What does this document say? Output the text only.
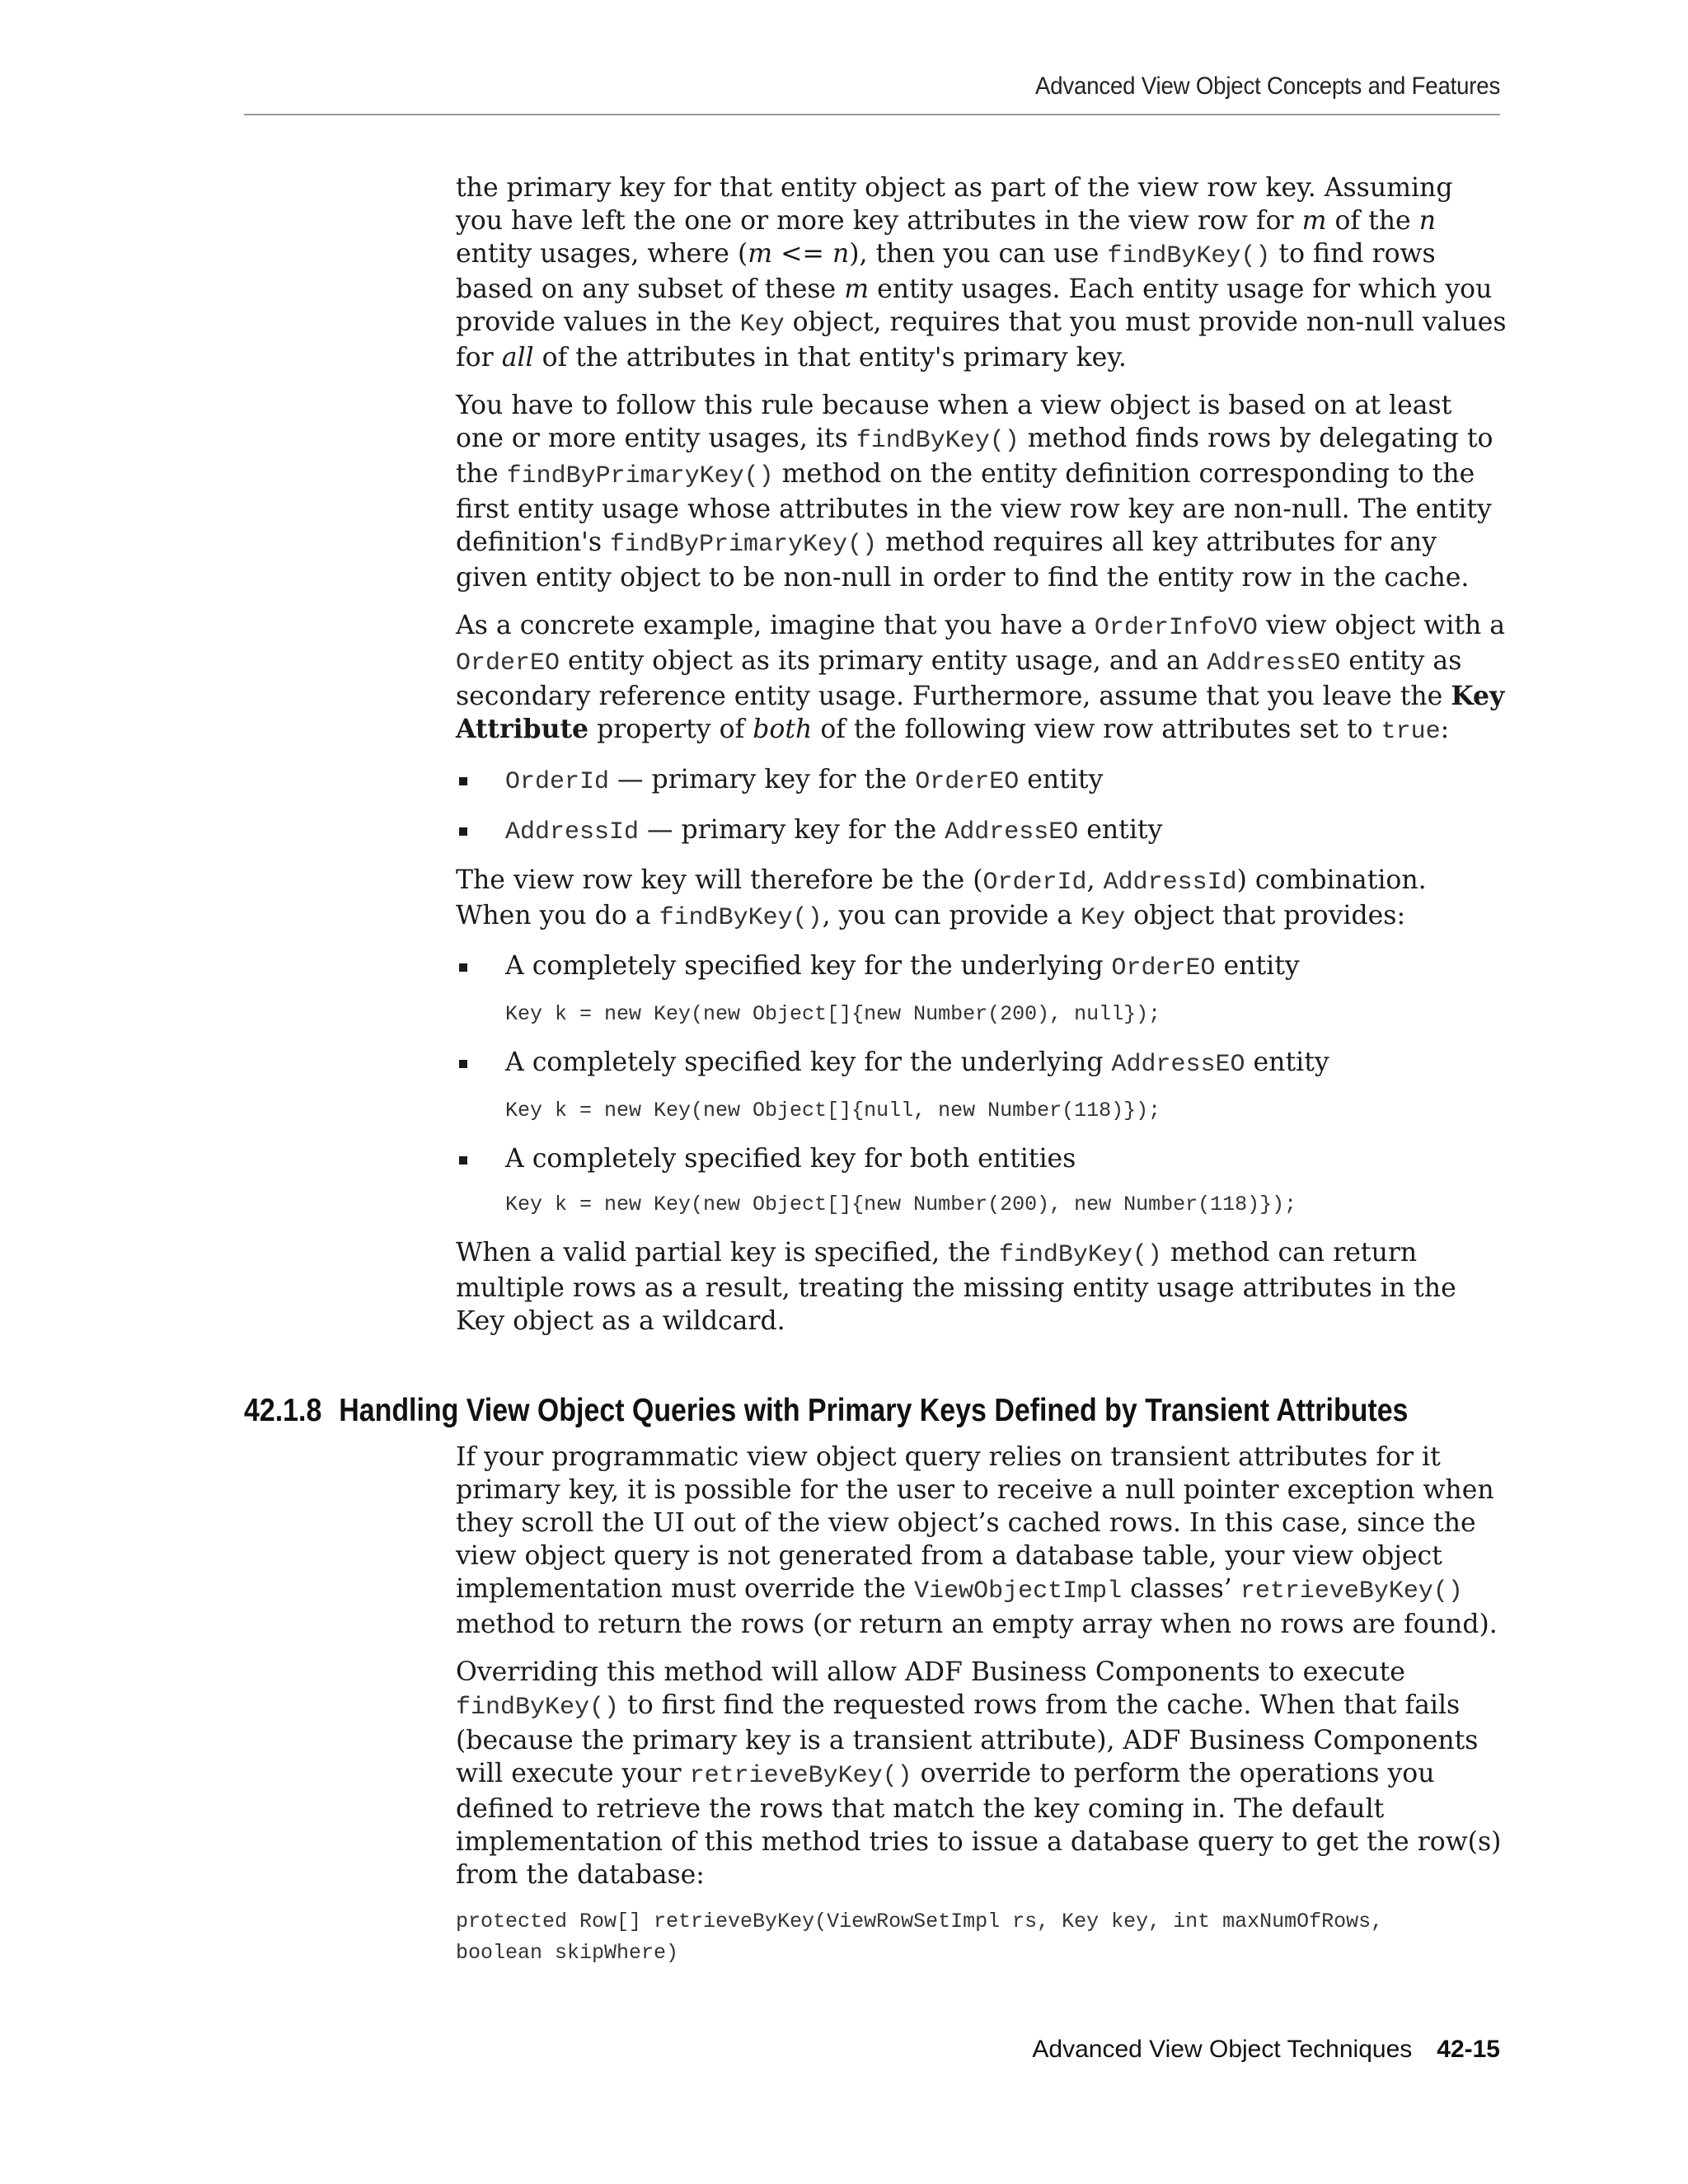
Advanced View Object Concepts and Features

the primary key for that entity object as part of the view row key. Assuming you have left the one or more key attributes in the view row for m of the n entity usages, where (m <= n), then you can use findByKey() to find rows based on any subset of these m entity usages. Each entity usage for which you provide values in the Key object, requires that you must provide non-null values for all of the attributes in that entity's primary key.

You have to follow this rule because when a view object is based on at least one or more entity usages, its findByKey() method finds rows by delegating to the findByPrimaryKey() method on the entity definition corresponding to the first entity usage whose attributes in the view row key are non-null. The entity definition's findByPrimaryKey() method requires all key attributes for any given entity object to be non-null in order to find the entity row in the cache.

As a concrete example, imagine that you have a OrderInfoVO view object with a OrderEO entity object as its primary entity usage, and an AddressEO entity as secondary reference entity usage. Furthermore, assume that you leave the Key Attribute property of both of the following view row attributes set to true:

OrderId — primary key for the OrderEO entity
AddressId — primary key for the AddressEO entity

The view row key will therefore be the (OrderId, AddressId) combination. When you do a findByKey(), you can provide a Key object that provides:

A completely specified key for the underlying OrderEO entity
Key k = new Key(new Object[]{new Number(200), null});
A completely specified key for the underlying AddressEO entity
Key k = new Key(new Object[]{null, new Number(118)});
A completely specified key for both entities
Key k = new Key(new Object[]{new Number(200), new Number(118)});

When a valid partial key is specified, the findByKey() method can return multiple rows as a result, treating the missing entity usage attributes in the Key object as a wildcard.

42.1.8 Handling View Object Queries with Primary Keys Defined by Transient Attributes

If your programmatic view object query relies on transient attributes for it primary key, it is possible for the user to receive a null pointer exception when they scroll the UI out of the view object’s cached rows. In this case, since the view object query is not generated from a database table, your view object implementation must override the ViewObjectImpl classes’ retrieveByKey() method to return the rows (or return an empty array when no rows are found).

Overriding this method will allow ADF Business Components to execute findByKey() to first find the requested rows from the cache. When that fails (because the primary key is a transient attribute), ADF Business Components will execute your retrieveByKey() override to perform the operations you defined to retrieve the rows that match the key coming in. The default implementation of this method tries to issue a database query to get the row(s) from the database:

protected Row[] retrieveByKey(ViewRowSetImpl rs, Key key, int maxNumOfRows,
boolean skipWhere)
Advanced View Object Techniques 42-15
